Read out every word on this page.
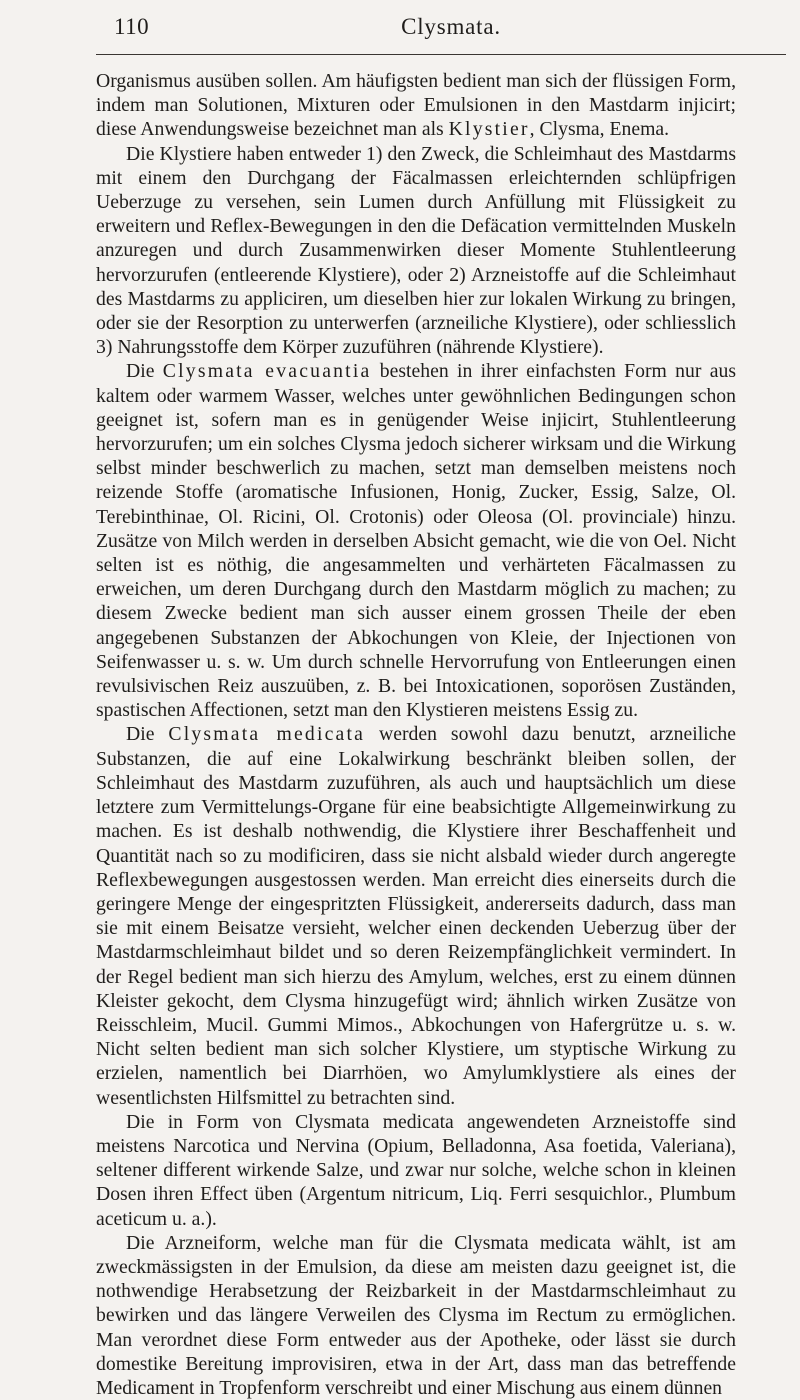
110	Clysmata.

Organismus ausüben sollen. Am häufigsten bedient man sich der flüssigen Form, indem man Solutionen, Mixturen oder Emulsionen in den Mastdarm injicirt; diese Anwendungsweise bezeichnet man als Klystier, Clysma, Enema.

Die Klystiere haben entweder 1) den Zweck, die Schleimhaut des Mastdarms mit einem den Durchgang der Fäcalmassen erleichternden schlüpfrigen Ueberzuge zu versehen, sein Lumen durch Anfüllung mit Flüssigkeit zu erweitern und Reflex-Bewegungen in den die Defäcation vermittelnden Muskeln anzuregen und durch Zusammenwirken dieser Momente Stuhlentleerung hervorzurufen (entleerende Klystiere), oder 2) Arzneistoffe auf die Schleimhaut des Mastdarms zu appliciren, um dieselben hier zur lokalen Wirkung zu bringen, oder sie der Resorption zu unterwerfen (arzneiliche Klystiere), oder schliesslich 3) Nahrungsstoffe dem Körper zuzuführen (nährende Klystiere).

Die Clysmata evacuantia bestehen in ihrer einfachsten Form nur aus kaltem oder warmem Wasser, welches unter gewöhnlichen Bedingungen schon geeignet ist, sofern man es in genügender Weise injicirt, Stuhlentleerung hervorzurufen; um ein solches Clysma jedoch sicherer wirksam und die Wirkung selbst minder beschwerlich zu machen, setzt man demselben meistens noch reizende Stoffe (aromatische Infusionen, Honig, Zucker, Essig, Salze, Ol. Terebinthinae, Ol. Ricini, Ol. Crotonis) oder Oleosa (Ol. provinciale) hinzu. Zusätze von Milch werden in derselben Absicht gemacht, wie die von Oel. Nicht selten ist es nöthig, die angesammelten und verhärteten Fäcalmassen zu erweichen, um deren Durchgang durch den Mastdarm möglich zu machen; zu diesem Zwecke bedient man sich ausser einem grossen Theile der eben angegebenen Substanzen der Abkochungen von Kleie, der Injectionen von Seifenwasser u. s. w. Um durch schnelle Hervorrufung von Entleerungen einen revulsivischen Reiz auszuüben, z. B. bei Intoxicationen, soporösen Zuständen, spastischen Affectionen, setzt man den Klystieren meistens Essig zu.

Die Clysmata medicata werden sowohl dazu benutzt, arzneiliche Substanzen, die auf eine Lokalwirkung beschränkt bleiben sollen, der Schleimhaut des Mastdarm zuzuführen, als auch und hauptsächlich um diese letztere zum Vermittelungs-Organe für eine beabsichtigte Allgemeinwirkung zu machen. Es ist deshalb nothwendig, die Klystiere ihrer Beschaffenheit und Quantität nach so zu modificiren, dass sie nicht alsbald wieder durch angeregte Reflexbewegungen ausgestossen werden. Man erreicht dies einerseits durch die geringere Menge der eingespritzten Flüssigkeit, andererseits dadurch, dass man sie mit einem Beisatze versieht, welcher einen deckenden Ueberzug über der Mastdarmschleimhaut bildet und so deren Reizempfänglichkeit vermindert. In der Regel bedient man sich hierzu des Amylum, welches, erst zu einem dünnen Kleister gekocht, dem Clysma hinzugefügt wird; ähnlich wirken Zusätze von Reisschleim, Mucil. Gummi Mimos., Abkochungen von Hafergrütze u. s. w. Nicht selten bedient man sich solcher Klystiere, um styptische Wirkung zu erzielen, namentlich bei Diarrhöen, wo Amylumklystiere als eines der wesentlichsten Hilfsmittel zu betrachten sind.

Die in Form von Clysmata medicata angewendeten Arzneistoffe sind meistens Narcotica und Nervina (Opium, Belladonna, Asa foetida, Valeriana), seltener different wirkende Salze, und zwar nur solche, welche schon in kleinen Dosen ihren Effect üben (Argentum nitricum, Liq. Ferri sesquichlor., Plumbum aceticum u. a.).

Die Arzneiform, welche man für die Clysmata medicata wählt, ist am zweckmässigsten in der Emulsion, da diese am meisten dazu geeignet ist, die nothwendige Herabsetzung der Reizbarkeit in der Mastdarmschleimhaut zu bewirken und das längere Verweilen des Clysma im Rectum zu ermöglichen. Man verordnet diese Form entweder aus der Apotheke, oder lässt sie durch domestike Bereitung improvisiren, etwa in der Art, dass man das betreffende Medicament in Tropfenform verschreibt und einer Mischung aus einem dünnen
